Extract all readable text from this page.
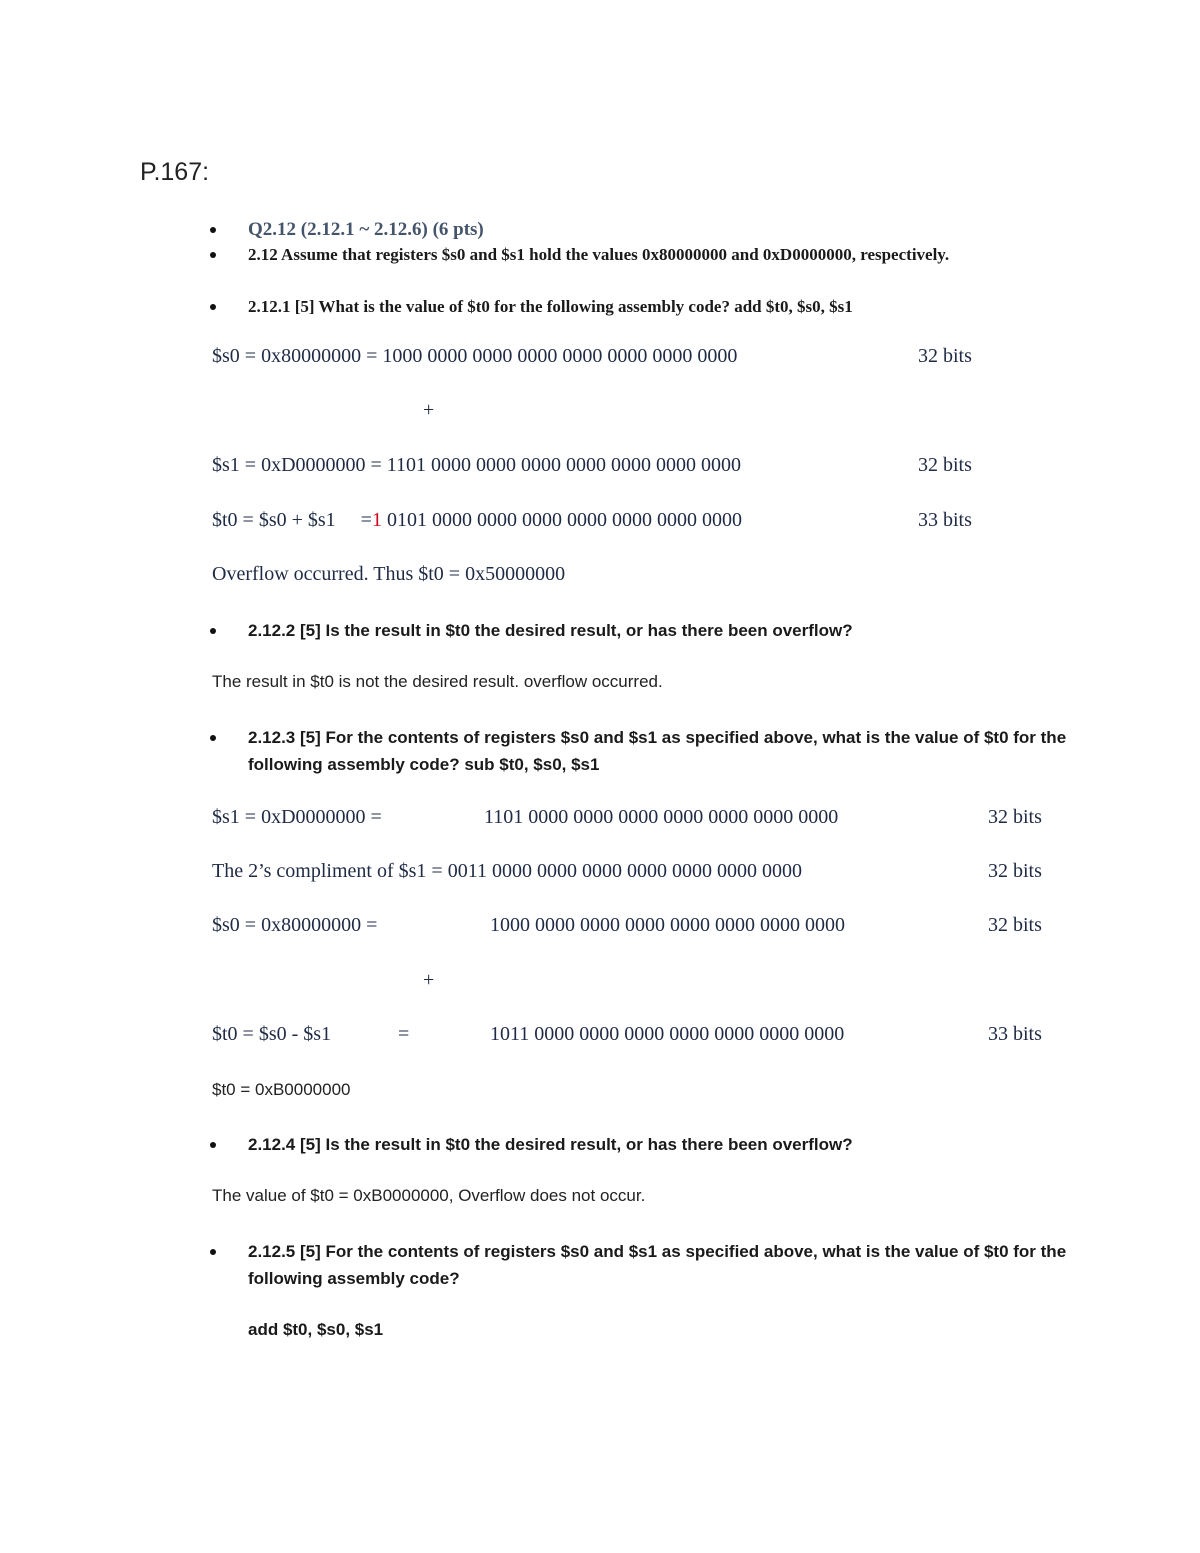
P.167:
Q2.12 (2.12.1 ~ 2.12.6) (6 pts)
2.12 Assume that registers $s0 and $s1 hold the values 0x80000000 and 0xD0000000, respectively.
2.12.1 [5] What is the value of $t0 for the following assembly code? add $t0, $s0, $s1
$s0 = 0x80000000 = 1000 0000 0000 0000 0000 0000 0000 0000	32 bits
+
$s1 = 0xD0000000 = 1101 0000 0000 0000 0000 0000 0000 0000	32 bits
$t0 = $s0 + $s1     =1 0101 0000 0000 0000 0000 0000 0000 0000	33 bits
Overflow occurred. Thus $t0 = 0x50000000
2.12.2 [5] Is the result in $t0 the desired result, or has there been overflow?
The result in $t0 is not the desired result. overflow occurred.
2.12.3 [5] For the contents of registers $s0 and $s1 as specified above, what is the value of $t0 for the following assembly code? sub $t0, $s0, $s1
$s1 = 0xD0000000 =	1101 0000 0000 0000 0000 0000 0000 0000	32 bits
The 2’s compliment of $s1 = 0011 0000 0000 0000 0000 0000 0000 0000	32 bits
$s0 = 0x80000000 =	1000 0000 0000 0000 0000 0000 0000 0000	32 bits
+
$t0 = $s0 - $s1	=	1011 0000 0000 0000 0000 0000 0000 0000	33 bits
$t0 = 0xB0000000
2.12.4 [5] Is the result in $t0 the desired result, or has there been overflow?
The value of $t0 = 0xB0000000, Overflow does not occur.
2.12.5 [5] For the contents of registers $s0 and $s1 as specified above, what is the value of $t0 for the following assembly code?
add $t0, $s0, $s1
